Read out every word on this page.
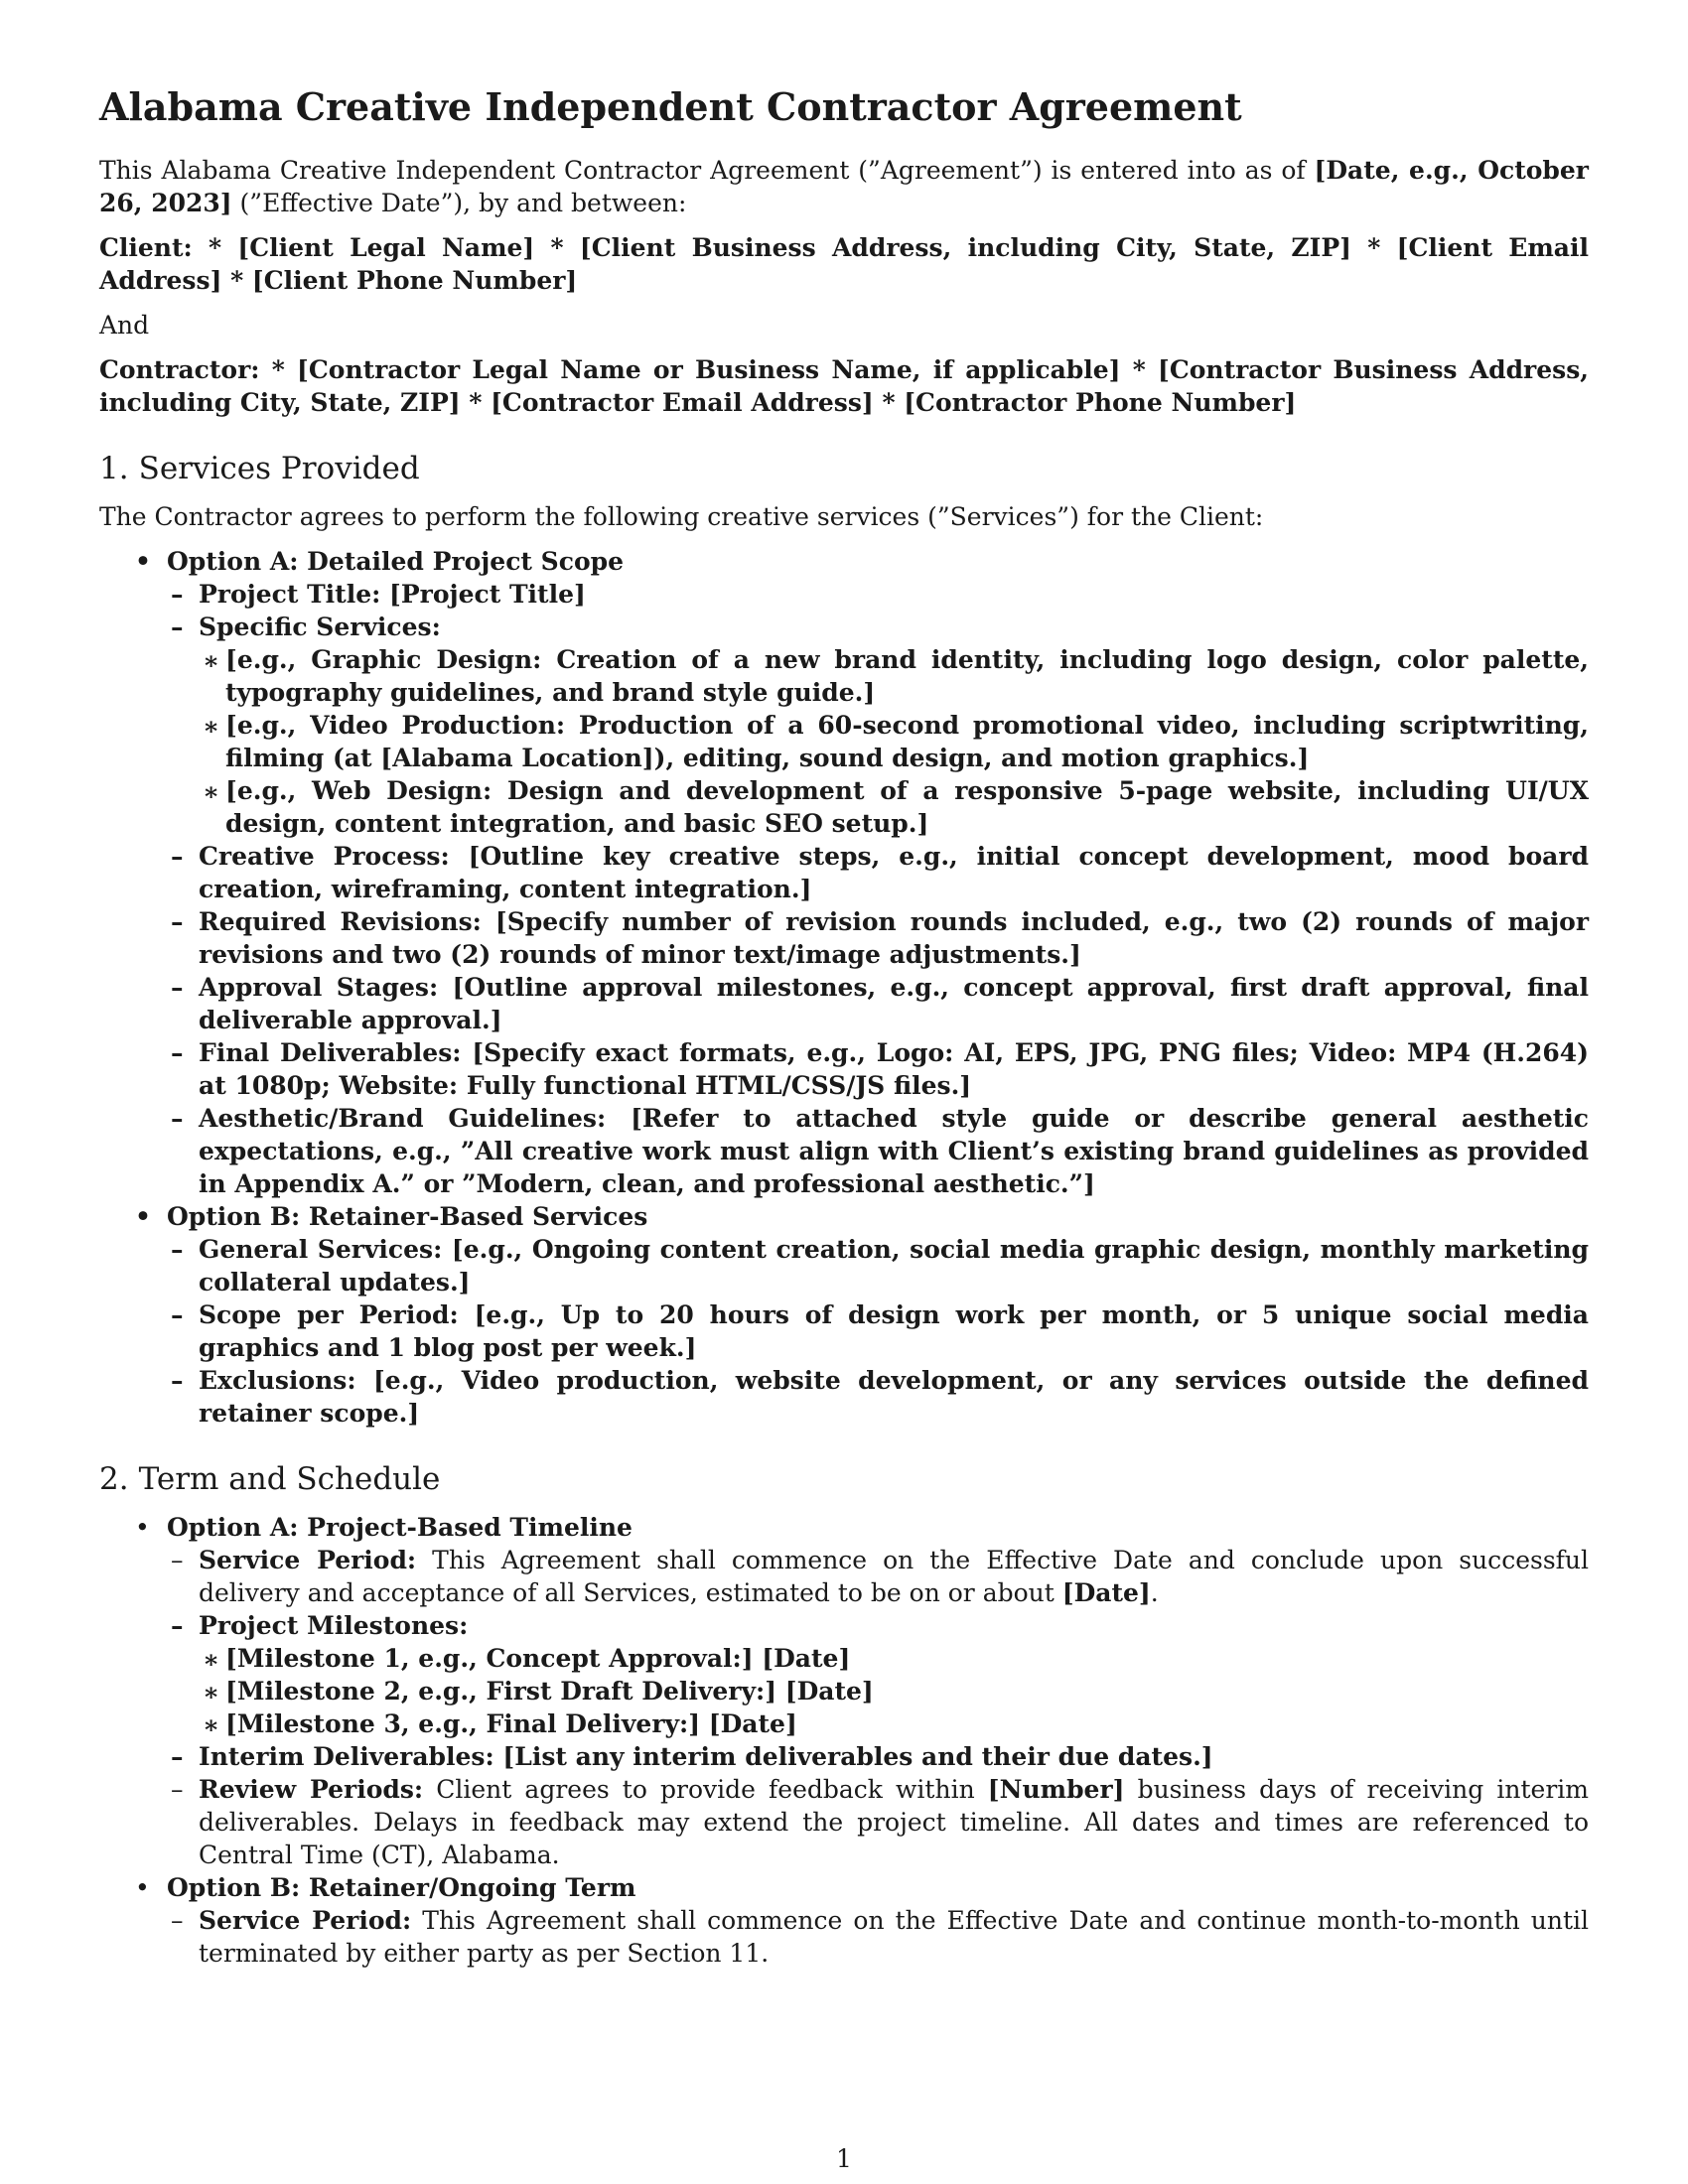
Alabama Creative Independent Contractor Agreement

This Alabama Creative Independent Contractor Agreement (”Agreement”) is entered into as of [Date, e.g., October 26, 2023] (”Effective Date”), by and between:

Client: * [Client Legal Name] * [Client Business Address, including City, State, ZIP] * [Client Email Address] * [Client Phone Number]

And

Contractor: * [Contractor Legal Name or Business Name, if applicable] * [Contractor Business Address, including City, State, ZIP] * [Contractor Email Address] * [Contractor Phone Number]

1. Services Provided

The Contractor agrees to perform the following creative services (”Services”) for the Client:

• Option A: Detailed Project Scope
– Project Title: [Project Title]
– Specific Services:
∗ [e.g., Graphic Design: Creation of a new brand identity, including logo design, color palette, typography guidelines, and brand style guide.]
∗ [e.g., Video Production: Production of a 60-second promotional video, including scriptwriting, filming (at [Alabama Location]), editing, sound design, and motion graphics.]
∗ [e.g., Web Design: Design and development of a responsive 5-page website, including UI/UX design, content integration, and basic SEO setup.]
– Creative Process: [Outline key creative steps, e.g., initial concept development, mood board creation, wireframing, content integration.]
– Required Revisions: [Specify number of revision rounds included, e.g., two (2) rounds of major revisions and two (2) rounds of minor text/image adjustments.]
– Approval Stages: [Outline approval milestones, e.g., concept approval, first draft approval, final deliverable approval.]
– Final Deliverables: [Specify exact formats, e.g., Logo: AI, EPS, JPG, PNG files; Video: MP4 (H.264) at 1080p; Website: Fully functional HTML/CSS/JS files.]
– Aesthetic/Brand Guidelines: [Refer to attached style guide or describe general aesthetic expectations, e.g., ”All creative work must align with Client’s existing brand guidelines as provided in Appendix A.” or ”Modern, clean, and professional aesthetic.”]
• Option B: Retainer-Based Services
– General Services: [e.g., Ongoing content creation, social media graphic design, monthly marketing collateral updates.]
– Scope per Period: [e.g., Up to 20 hours of design work per month, or 5 unique social media graphics and 1 blog post per week.]
– Exclusions: [e.g., Video production, website development, or any services outside the defined retainer scope.]
2. Term and Schedule
• Option A: Project-Based Timeline
– Service Period: This Agreement shall commence on the Effective Date and conclude upon successful delivery and acceptance of all Services, estimated to be on or about [Date].
– Project Milestones:
∗ [Milestone 1, e.g., Concept Approval:] [Date]
∗ [Milestone 2, e.g., First Draft Delivery:] [Date]
∗ [Milestone 3, e.g., Final Delivery:] [Date]
– Interim Deliverables: [List any interim deliverables and their due dates.]
– Review Periods: Client agrees to provide feedback within [Number] business days of receiving interim deliverables. Delays in feedback may extend the project timeline. All dates and times are referenced to Central Time (CT), Alabama.
• Option B: Retainer/Ongoing Term
– Service Period: This Agreement shall commence on the Effective Date and continue month-to-month until terminated by either party as per Section 11.
1
